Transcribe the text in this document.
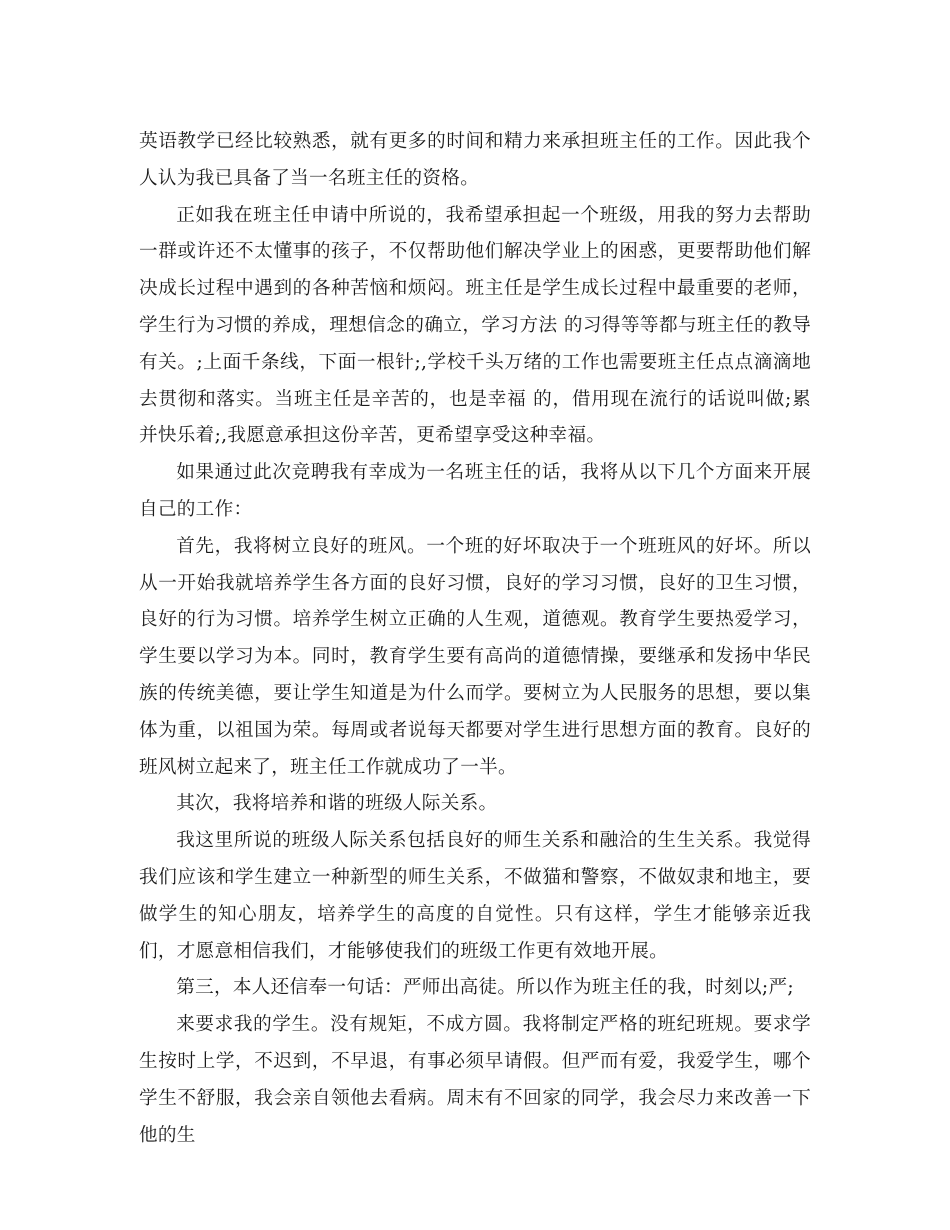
英语教学已经比较熟悉，就有更多的时间和精力来承担班主任的工作。因此我个人认为我已具备了当一名班主任的资格。

正如我在班主任申请中所说的，我希望承担起一个班级，用我的努力去帮助一群或许还不太懂事的孩子，不仅帮助他们解决学业上的困惑，更要帮助他们解决成长过程中遇到的各种苦恼和烦闷。班主任是学生成长过程中最重要的老师，学生行为习惯的养成，理想信念的确立，学习方法 的习得等等都与班主任的教导有关。;上面千条线，下面一根针;,学校千头万绪的工作也需要班主任点点滴滴地去贯彻和落实。当班主任是辛苦的，也是幸福 的，借用现在流行的话说叫做;累并快乐着;,我愿意承担这份辛苦，更希望享受这种幸福。

如果通过此次竞聘我有幸成为一名班主任的话，我将从以下几个方面来开展自己的工作：

首先，我将树立良好的班风。一个班的好坏取决于一个班班风的好坏。所以从一开始我就培养学生各方面的良好习惯，良好的学习习惯，良好的卫生习惯，良好的行为习惯。培养学生树立正确的人生观，道德观。教育学生要热爱学习，学生要以学习为本。同时，教育学生要有高尚的道德情操，要继承和发扬中华民族的传统美德，要让学生知道是为什么而学。要树立为人民服务的思想，要以集体为重，以祖国为荣。每周或者说每天都要对学生进行思想方面的教育。良好的班风树立起来了，班主任工作就成功了一半。

其次，我将培养和谐的班级人际关系。

我这里所说的班级人际关系包括良好的师生关系和融洽的生生关系。我觉得我们应该和学生建立一种新型的师生关系，不做猫和警察，不做奴隶和地主，要做学生的知心朋友，培养学生的高度的自觉性。只有这样，学生才能够亲近我们，才愿意相信我们，才能够使我们的班级工作更有效地开展。

第三，本人还信奉一句话：严师出高徒。所以作为班主任的我，时刻以;严;

来要求我的学生。没有规矩，不成方圆。我将制定严格的班纪班规。要求学生按时上学，不迟到，不早退，有事必须早请假。但严而有爱，我爱学生，哪个学生不舒服，我会亲自领他去看病。周末有不回家的同学，我会尽力来改善一下他的生
